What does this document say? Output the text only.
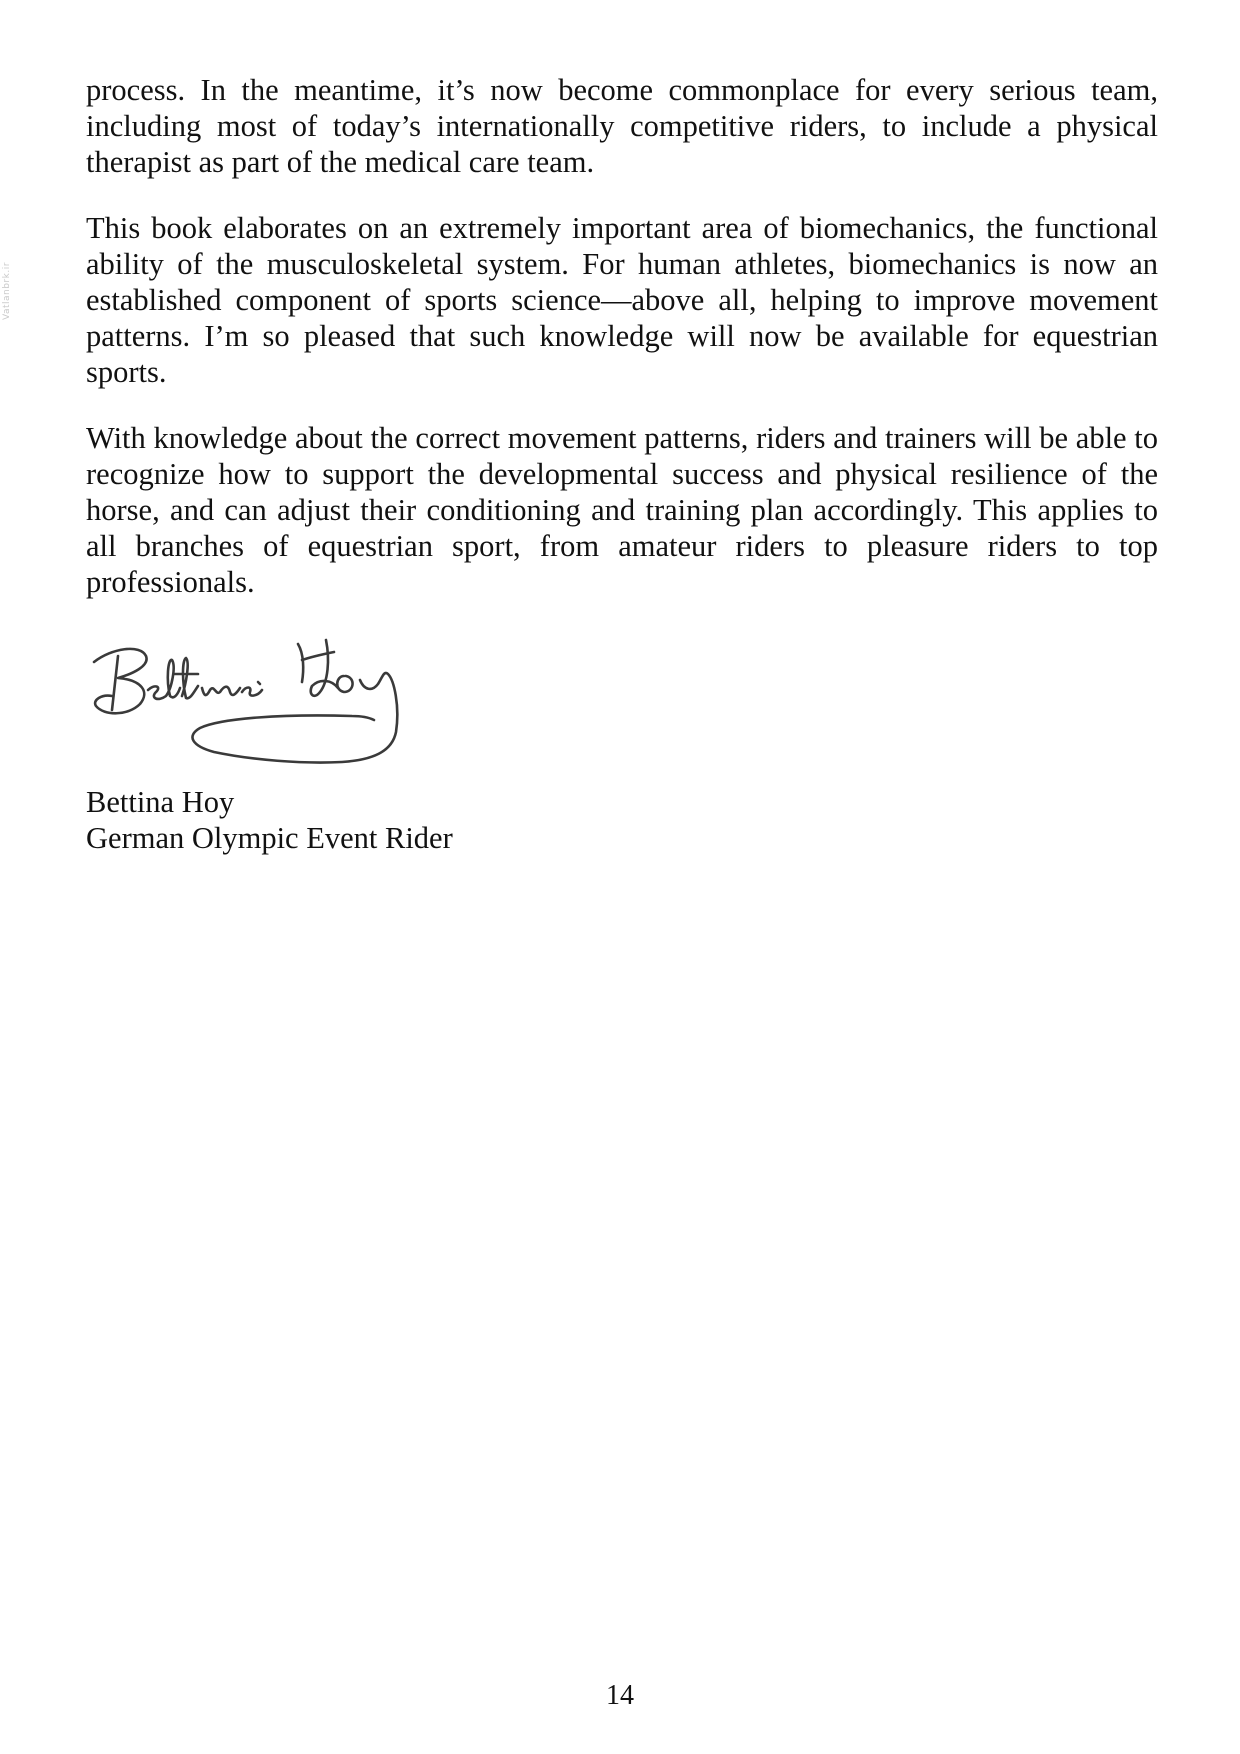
Vatlanbrk.ir

process. In the meantime, it’s now become commonplace for every serious team, including most of today’s internationally competitive riders, to include a physical therapist as part of the medical care team.

This book elaborates on an extremely important area of biomechanics, the functional ability of the musculoskeletal system. For human athletes, biomechanics is now an established component of sports science—above all, helping to improve movement patterns. I’m so pleased that such knowledge will now be available for equestrian sports.

With knowledge about the correct movement patterns, riders and trainers will be able to recognize how to support the developmental success and physical resilience of the horse, and can adjust their conditioning and training plan accordingly. This applies to all branches of equestrian sport, from amateur riders to pleasure riders to top professionals.

Bettina Hoy

German Olympic Event Rider

14
